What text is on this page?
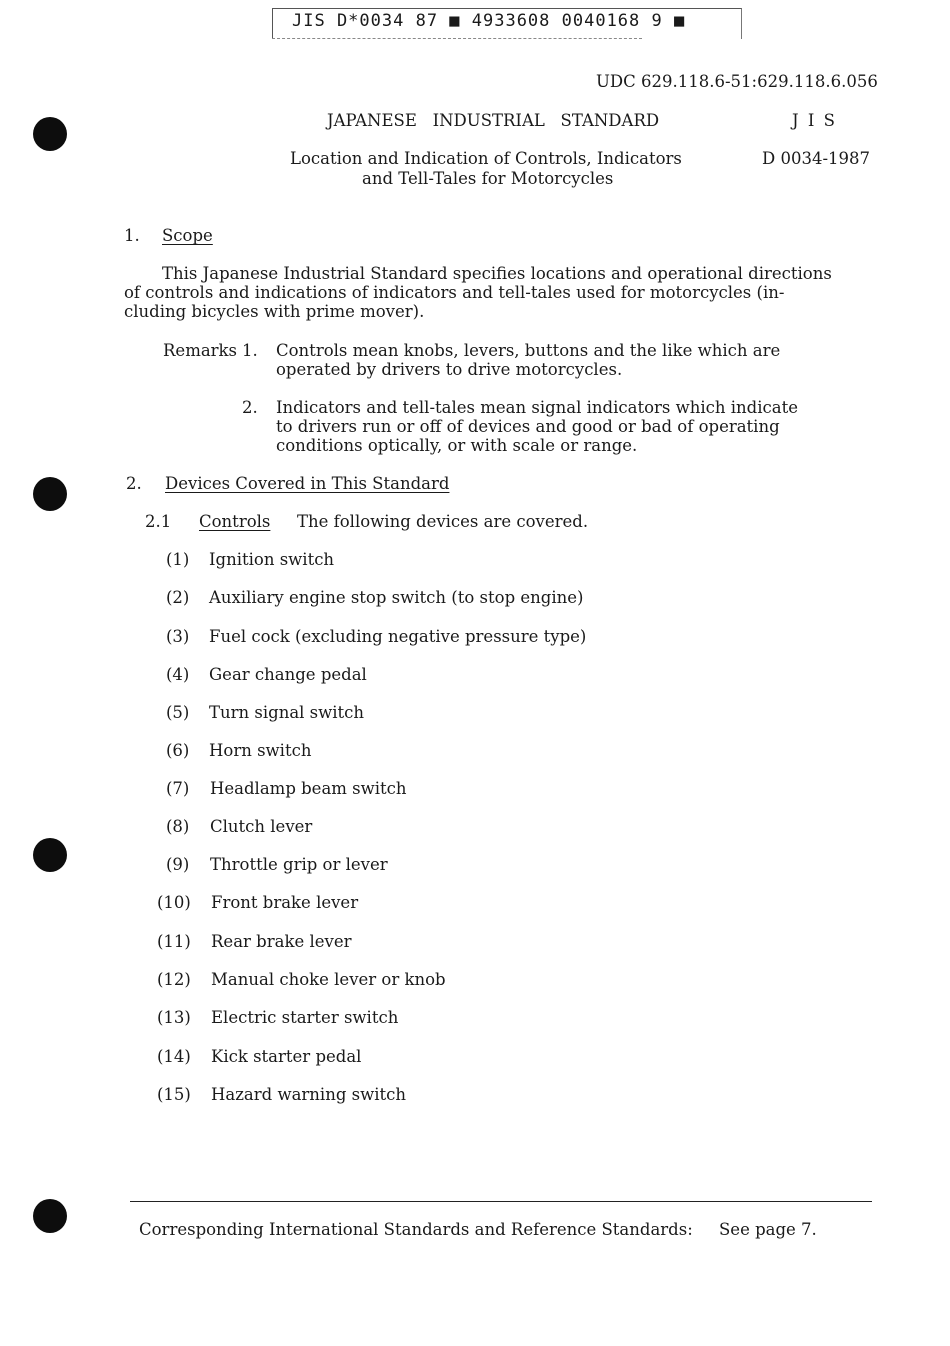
JIS D*0034 87 ■ 4933608 0040168 9 ■
UDC 629.118.6-51:629.118.6.056
JAPANESE   INDUSTRIAL   STANDARD	J I S
Location and Indication of Controls, Indicators
and Tell-Tales for Motorcycles
D 0034-1987
1. Scope
This Japanese Industrial Standard specifies locations and operational directions
of controls and indications of indicators and tell-tales used for motorcycles (in-
cluding bicycles with prime mover).
Remarks 1. Controls mean knobs, levers, buttons and the like which are
operated by drivers to drive motorcycles.
2. Indicators and tell-tales mean signal indicators which indicate
to drivers run or off of devices and good or bad of operating
conditions optically, or with scale or range.
2. Devices Covered in This Standard
2.1 Controls The following devices are covered.
(1) Ignition switch
(2) Auxiliary engine stop switch (to stop engine)
(3) Fuel cock (excluding negative pressure type)
(4) Gear change pedal
(5) Turn signal switch
(6) Horn switch
(7) Headlamp beam switch
(8) Clutch lever
(9) Throttle grip or lever
(10) Front brake lever
(11) Rear brake lever
(12) Manual choke lever or knob
(13) Electric starter switch
(14) Kick starter pedal
(15) Hazard warning switch
Corresponding International Standards and Reference Standards: See page 7.
